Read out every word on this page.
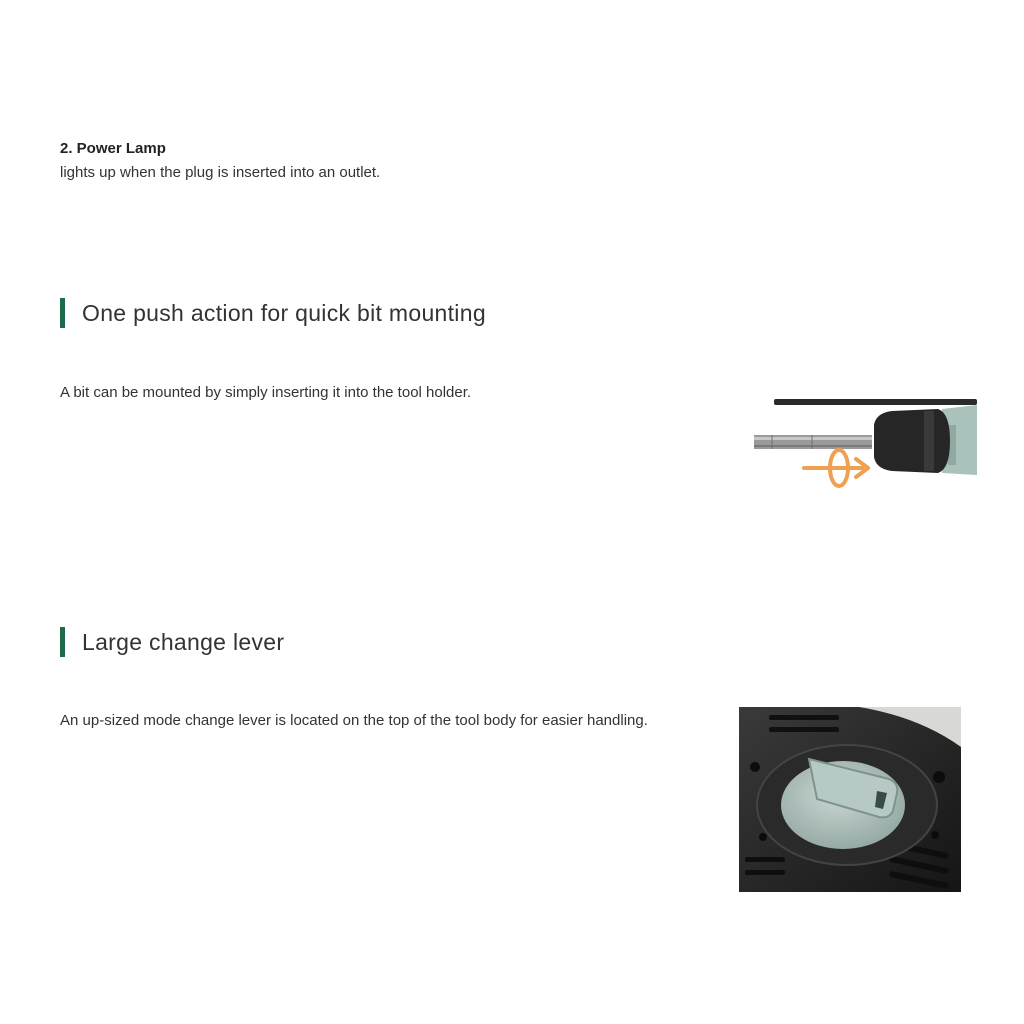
2. Power Lamp

lights up when the plug is inserted into an outlet.

One push action for quick bit mounting

A bit can be mounted by simply inserting it into the tool holder.

Large change lever

An up-sized mode change lever is located on the top of the tool body for easier handling.
